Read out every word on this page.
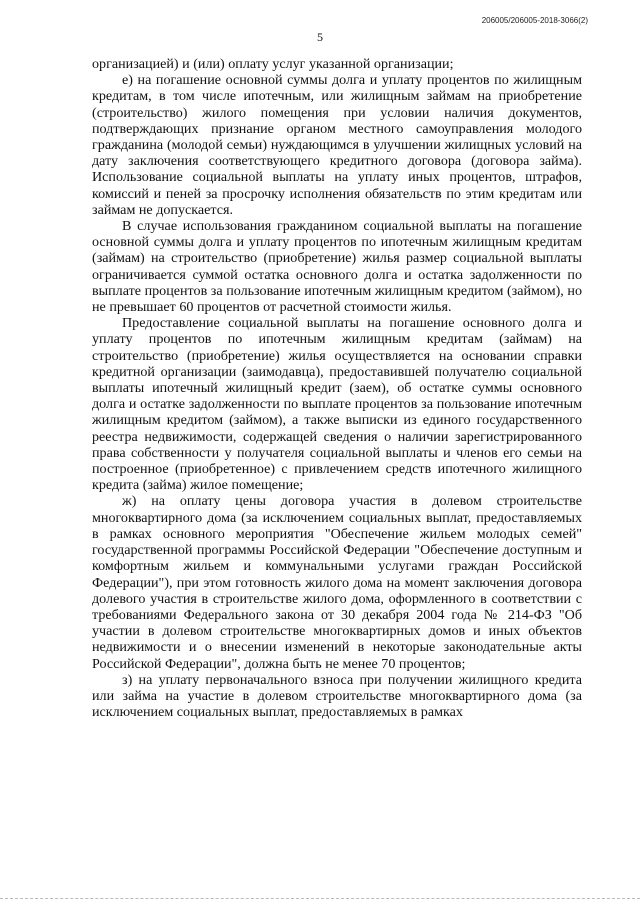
206005/206005-2018-3066(2)
5

организацией) и (или) оплату услуг указанной организации;

е) на погашение основной суммы долга и уплату процентов по жилищным кредитам, в том числе ипотечным, или жилищным займам на приобретение (строительство) жилого помещения при условии наличия документов, подтверждающих признание органом местного самоуправления молодого гражданина (молодой семьи) нуждающимся в улучшении жилищных условий на дату заключения соответствующего кредитного договора (договора займа). Использование социальной выплаты на уплату иных процентов, штрафов, комиссий и пеней за просрочку исполнения обязательств по этим кредитам или займам не допускается.

В случае использования гражданином социальной выплаты на погашение основной суммы долга и уплату процентов по ипотечным жилищным кредитам (займам) на строительство (приобретение) жилья размер социальной выплаты ограничивается суммой остатка основного долга и остатка задолженности по выплате процентов за пользование ипотечным жилищным кредитом (займом), но не превышает 60 процентов от расчетной стоимости жилья.

Предоставление социальной выплаты на погашение основного долга и уплату процентов по ипотечным жилищным кредитам (займам) на строительство (приобретение) жилья осуществляется на основании справки кредитной организации (заимодавца), предоставившей получателю социальной выплаты ипотечный жилищный кредит (заем), об остатке суммы основного долга и остатке задолженности по выплате процентов за пользование ипотечным жилищным кредитом (займом), а также выписки из единого государственного реестра недвижимости, содержащей сведения о наличии зарегистрированного права собственности у получателя социальной выплаты и членов его семьи на построенное (приобретенное) с привлечением средств ипотечного жилищного кредита (займа) жилое помещение;

ж) на оплату цены договора участия в долевом строительстве многоквартирного дома (за исключением социальных выплат, предоставляемых в рамках основного мероприятия "Обеспечение жильем молодых семей" государственной программы Российской Федерации "Обеспечение доступным и комфортным жильем и коммунальными услугами граждан Российской Федерации"), при этом готовность жилого дома на момент заключения договора долевого участия в строительстве жилого дома, оформленного в соответствии с требованиями Федерального закона от 30 декабря 2004 года № 214-ФЗ "Об участии в долевом строительстве многоквартирных домов и иных объектов недвижимости и о внесении изменений в некоторые законодательные акты Российской Федерации", должна быть не менее 70 процентов;

з) на уплату первоначального взноса при получении жилищного кредита или займа на участие в долевом строительстве многоквартирного дома (за исключением социальных выплат, предоставляемых в рамках
